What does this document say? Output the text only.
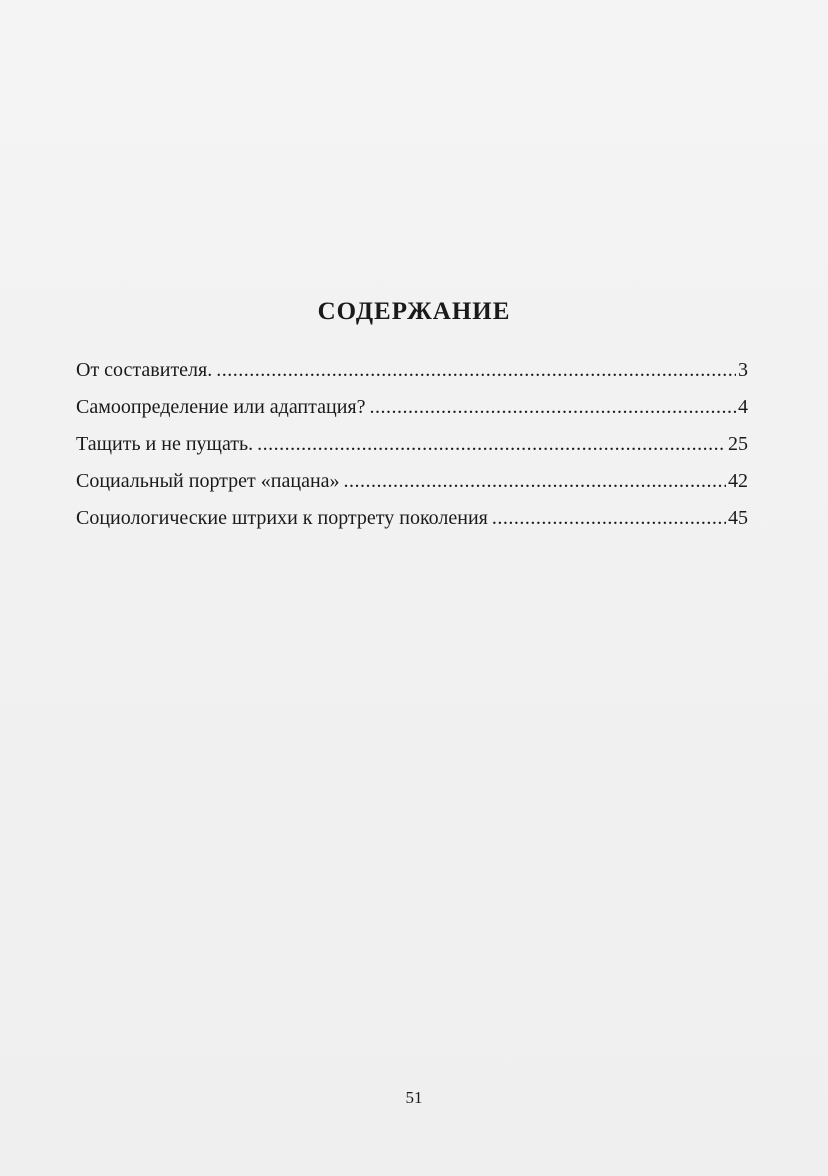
СОДЕРЖАНИЕ
От составителя. .....	3
Самоопределение или адаптация? .....	4
Тащить и не пущать. .....	25
Социальный портрет «пацана» .....	42
Социологические штрихи к портрету поколения .....	45

51
